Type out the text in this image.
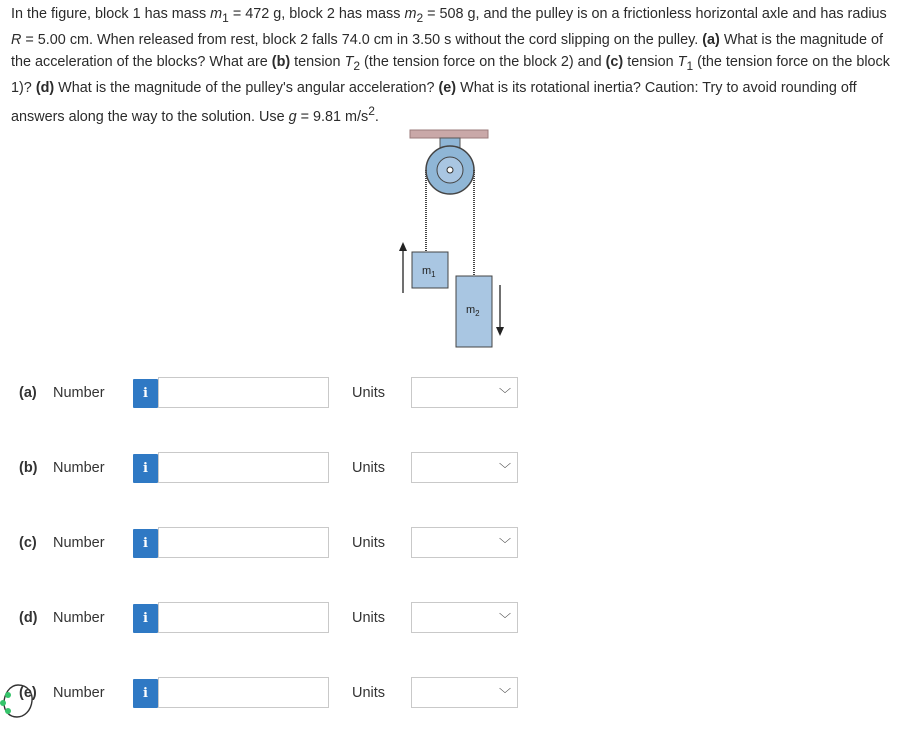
In the figure, block 1 has mass $m_1 = 472$ g, block 2 has mass $m_2 = 508$ g, and the pulley is on a frictionless horizontal axle and has radius R = 5.00 cm. When released from rest, block 2 falls 74.0 cm in 3.50 s without the cord slipping on the pulley. (a) What is the magnitude of the acceleration of the blocks? What are (b) tension $T_2$ (the tension force on the block 2) and (c) tension $T_1$ (the tension force on the block 1)? (d) What is the magnitude of the pulley's angular acceleration? (e) What is its rotational inertia? Caution: Try to avoid rounding off answers along the way to the solution. Use g = 9.81 $m/s^2$.

$m_1$
$m_2$
(a) Number	i	Units	﹀
(b) Number	i	Units	﹀
(c) Number	i	Units	﹀
(d) Number	i	Units	﹀
(e) Number	i	Units	﹀
